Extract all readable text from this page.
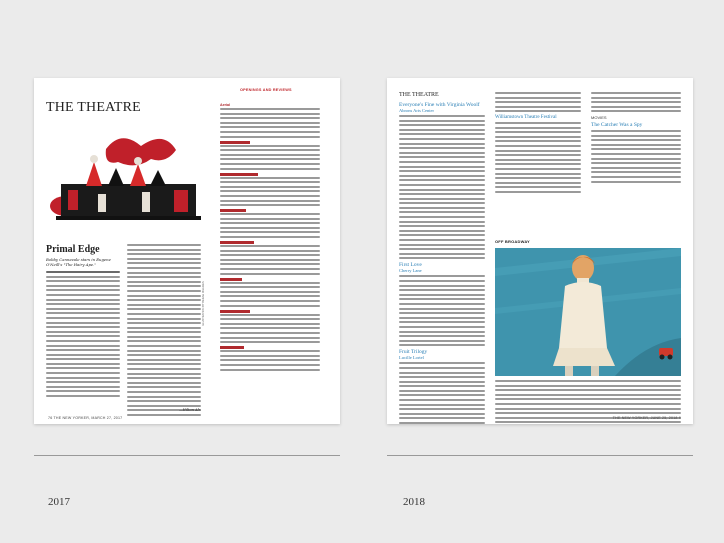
THE THEATRE
ILLUSTRATION BY BERAH MILLIKEN
Primal Edge
Bobby Cannavale stars in Eugene O'Neill's "The Hairy Ape."
—Hilton Als
OPENINGS AND REVIEWS
Aerial
76 THE NEW YORKER, MARCH 27, 2017
THE THEATRE
Everyone's Fine with Virginia Woolf
Abrons Arts Center
First Love
Cherry Lane
Fruit Trilogy
Lucille Lortel
Williamstown Theatre Festival	MOVIES
The Catcher Was a Spy
OFF BROADWAY
THE NEW YORKER, JUNE 25, 2018 9
2017	2018
